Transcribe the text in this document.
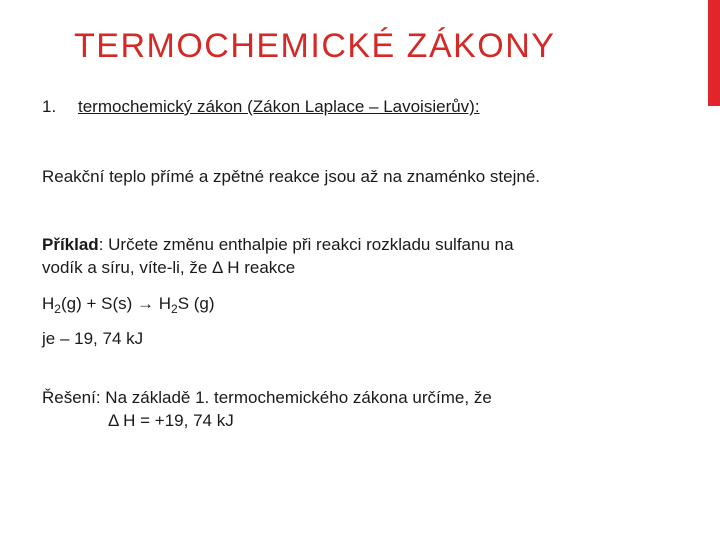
TERMOCHEMICKÉ ZÁKONY
1. termochemický zákon (Zákon Laplace – Lavoisierův):
Reakční teplo přímé a zpětné reakce jsou až na znaménko stejné.
Příklad: Určete změnu enthalpie při reakci rozkladu sulfanu na
vodík a síru, víte-li, že Δ H reakce
$H_2(g) + S(s) \to H_2S$ (g)
je – 19, 74 kJ
Řešení: Na základě 1. termochemického zákona určíme, že
Δ H = +19, 74 kJ
